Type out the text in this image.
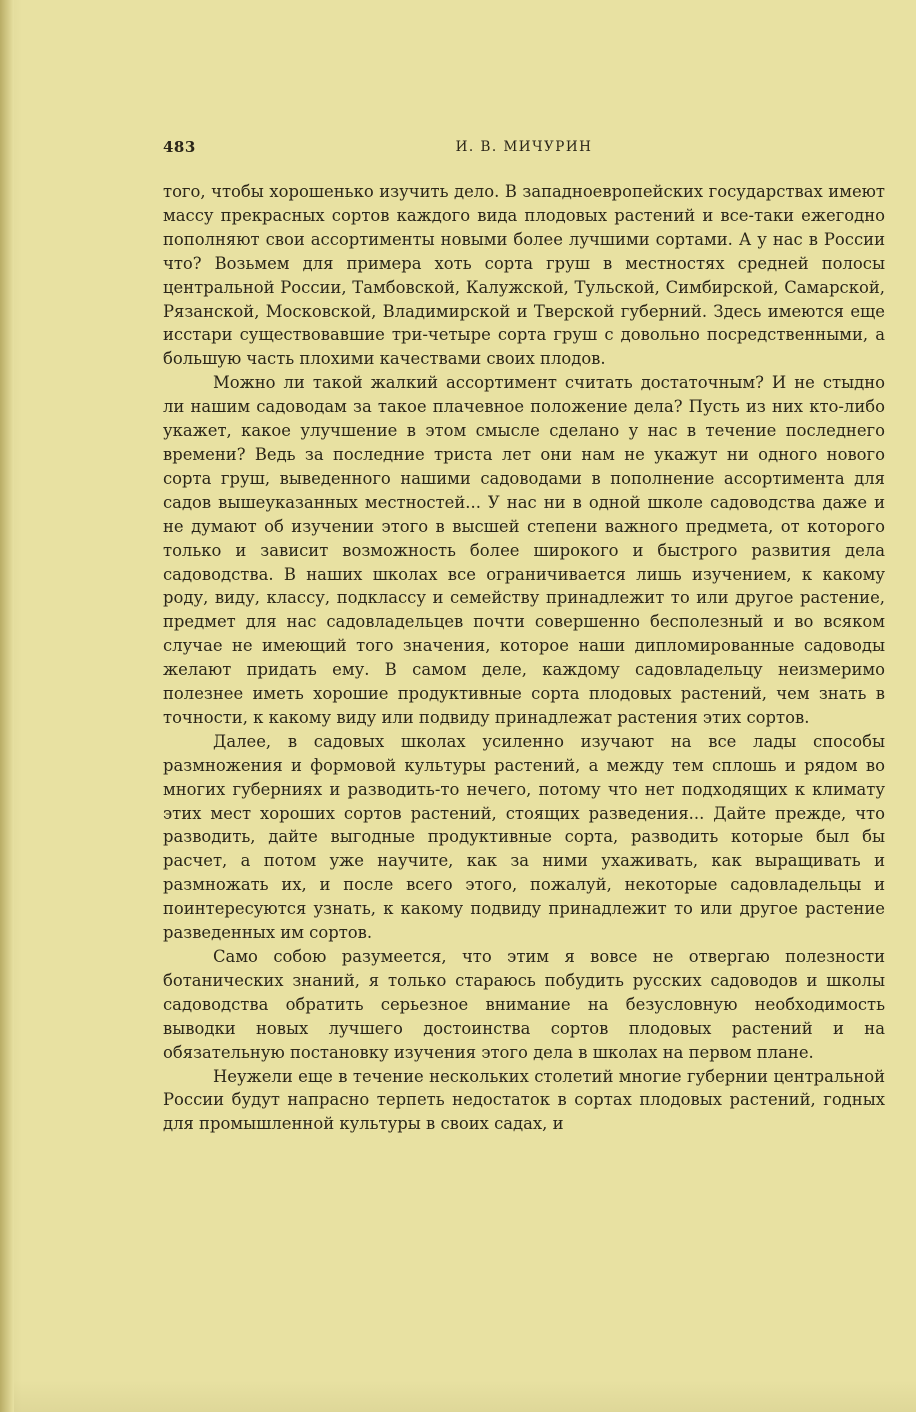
483	И. В. МИЧУРИН

того, чтобы хорошенько изучить дело. В западноевропейских государствах имеют массу прекрасных сортов каждого вида плодовых растений и все-таки ежегодно пополняют свои ассортименты новыми более лучшими сортами. А у нас в России что? Возьмем для примера хоть сорта груш в местностях средней полосы центральной России, Тамбовской, Калужской, Тульской, Симбирской, Самарской, Рязанской, Московской, Владимирской и Тверской губерний. Здесь имеются еще исстари существовавшие три-четыре сорта груш с довольно посредственными, а большую часть плохими качествами своих плодов.

Можно ли такой жалкий ассортимент считать достаточным? И не стыдно ли нашим садоводам за такое плачевное положение дела? Пусть из них кто-либо укажет, какое улучшение в этом смысле сделано у нас в течение последнего времени? Ведь за последние триста лет они нам не укажут ни одного нового сорта груш, выведенного нашими садоводами в пополнение ассортимента для садов вышеуказанных местностей... У нас ни в одной школе садоводства даже и не думают об изучении этого в высшей степени важного предмета, от которого только и зависит возможность более широкого и быстрого развития дела садоводства. В наших школах все ограничивается лишь изучением, к какому роду, виду, классу, подклассу и семейству принадлежит то или другое растение, предмет для нас садовладельцев почти совершенно бесполезный и во всяком случае не имеющий того значения, которое наши дипломированные садоводы желают придать ему. В самом деле, каждому садовладельцу неизмеримо полезнее иметь хорошие продуктивные сорта плодовых растений, чем знать в точности, к какому виду или подвиду принадлежат растения этих сортов.

Далее, в садовых школах усиленно изучают на все лады способы размножения и формовой культуры растений, а между тем сплошь и рядом во многих губерниях и разводить-то нечего, потому что нет подходящих к климату этих мест хороших сортов растений, стоящих разведения... Дайте прежде, что разводить, дайте выгодные продуктивные сорта, разводить которые был бы расчет, а потом уже научите, как за ними ухаживать, как выращивать и размножать их, и после всего этого, пожалуй, некоторые садовладельцы и поинтересуются узнать, к какому подвиду принадлежит то или другое растение разведенных им сортов.

Само собою разумеется, что этим я вовсе не отвергаю полезности ботанических знаний, я только стараюсь побудить русских садоводов и школы садоводства обратить серьезное внимание на безусловную необходимость выводки новых лучшего достоинства сортов плодовых растений и на обязательную постановку изучения этого дела в школах на первом плане.

Неужели еще в течение нескольких столетий многие губернии центральной России будут напрасно терпеть недостаток в сортах плодовых растений, годных для промышленной культуры в своих садах, и
